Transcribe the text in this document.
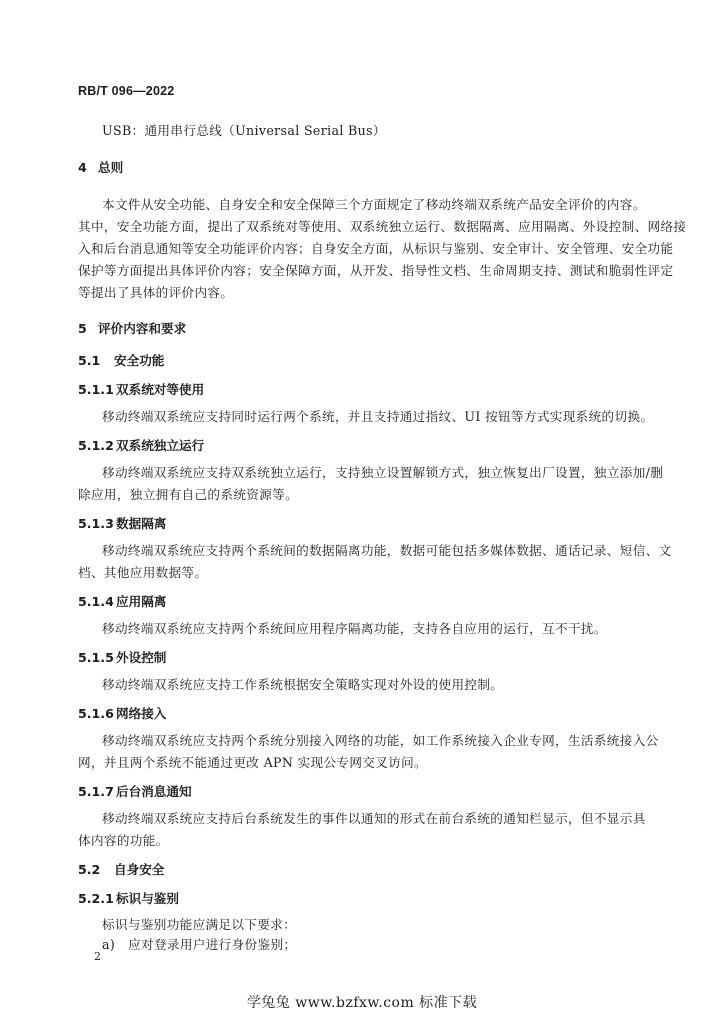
RB/T 096—2022
USB：通用串行总线（Universal Serial Bus）
4 总则
本文件从安全功能、自身安全和安全保障三个方面规定了移动终端双系统产品安全评价的内容。
其中，安全功能方面，提出了双系统对等使用、双系统独立运行、数据隔离、应用隔离、外设控制、网络接
入和后台消息通知等安全功能评价内容；自身安全方面，从标识与鉴别、安全审计、安全管理、安全功能
保护等方面提出具体评价内容；安全保障方面，从开发、指导性文档、生命周期支持、测试和脆弱性评定
等提出了具体的评价内容。
5 评价内容和要求
5.1 安全功能
5.1.1 双系统对等使用
移动终端双系统应支持同时运行两个系统，并且支持通过指纹、UI 按钮等方式实现系统的切换。
5.1.2 双系统独立运行
移动终端双系统应支持双系统独立运行，支持独立设置解锁方式，独立恢复出厂设置，独立添加/删
除应用，独立拥有自己的系统资源等。
5.1.3 数据隔离
移动终端双系统应支持两个系统间的数据隔离功能，数据可能包括多媒体数据、通话记录、短信、文
档、其他应用数据等。
5.1.4 应用隔离
移动终端双系统应支持两个系统间应用程序隔离功能，支持各自应用的运行，互不干扰。
5.1.5 外设控制
移动终端双系统应支持工作系统根据安全策略实现对外设的使用控制。
5.1.6 网络接入
移动终端双系统应支持两个系统分别接入网络的功能，如工作系统接入企业专网，生活系统接入公
网，并且两个系统不能通过更改 APN 实现公专网交叉访问。
5.1.7 后台消息通知
移动终端双系统应支持后台系统发生的事件以通知的形式在前台系统的通知栏显示，但不显示具
体内容的功能。
5.2 自身安全
5.2.1 标识与鉴别
标识与鉴别功能应满足以下要求：
a)　应对登录用户进行身份鉴别；
2
学兔兔 www.bzfxw.com 标准下载
